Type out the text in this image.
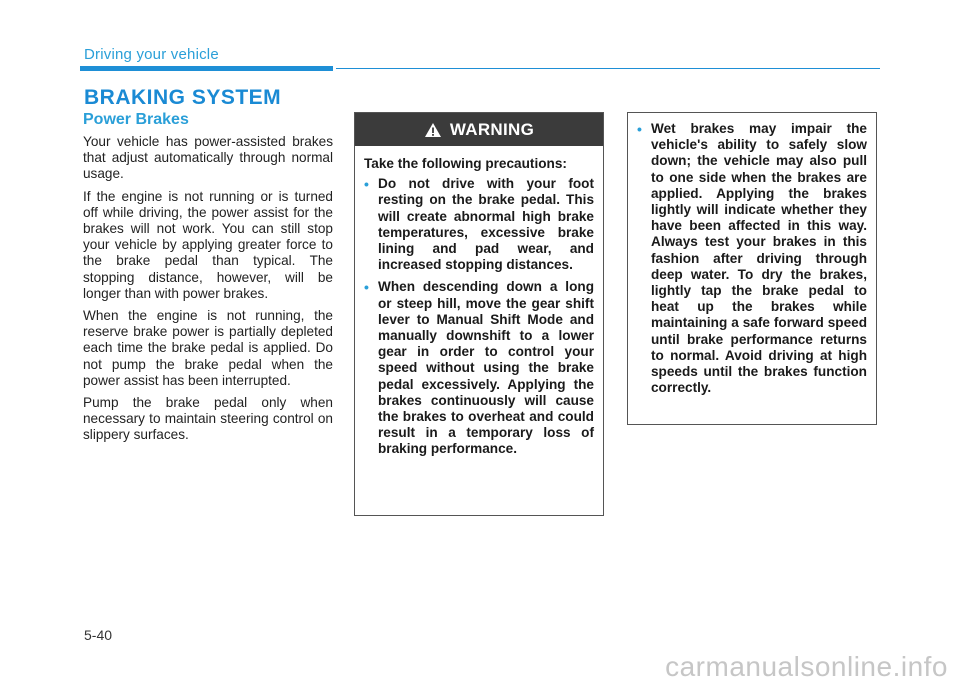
Driving your vehicle
BRAKING SYSTEM
Power Brakes

Your vehicle has power-assisted brakes that adjust automatically through normal usage.

If the engine is not running or is turned off while driving, the power assist for the brakes will not work. You can still stop your vehicle by applying greater force to the brake pedal than typical. The stopping distance, however, will be longer than with power brakes.

When the engine is not running, the reserve brake power is partially depleted each time the brake pedal is applied. Do not pump the brake pedal when the power assist has been interrupted.

Pump the brake pedal only when necessary to maintain steering control on slippery surfaces.

WARNING

Take the following precautions:

• Do not drive with your foot resting on the brake pedal. This will create abnormal high brake temperatures, excessive brake lining and pad wear, and increased stopping distances.
• When descending down a long or steep hill, move the gear shift lever to Manual Shift Mode and manually downshift to a lower gear in order to control your speed without using the brake pedal excessively. Applying the brakes continuously will cause the brakes to overheat and could result in a temporary loss of braking performance.
• Wet brakes may impair the vehicle's ability to safely slow down; the vehicle may also pull to one side when the brakes are applied. Applying the brakes lightly will indicate whether they have been affected in this way. Always test your brakes in this fashion after driving through deep water. To dry the brakes, lightly tap the brake pedal to heat up the brakes while maintaining a safe forward speed until brake performance returns to normal. Avoid driving at high speeds until the brakes function correctly.
5-40
carmanualsonline.info
